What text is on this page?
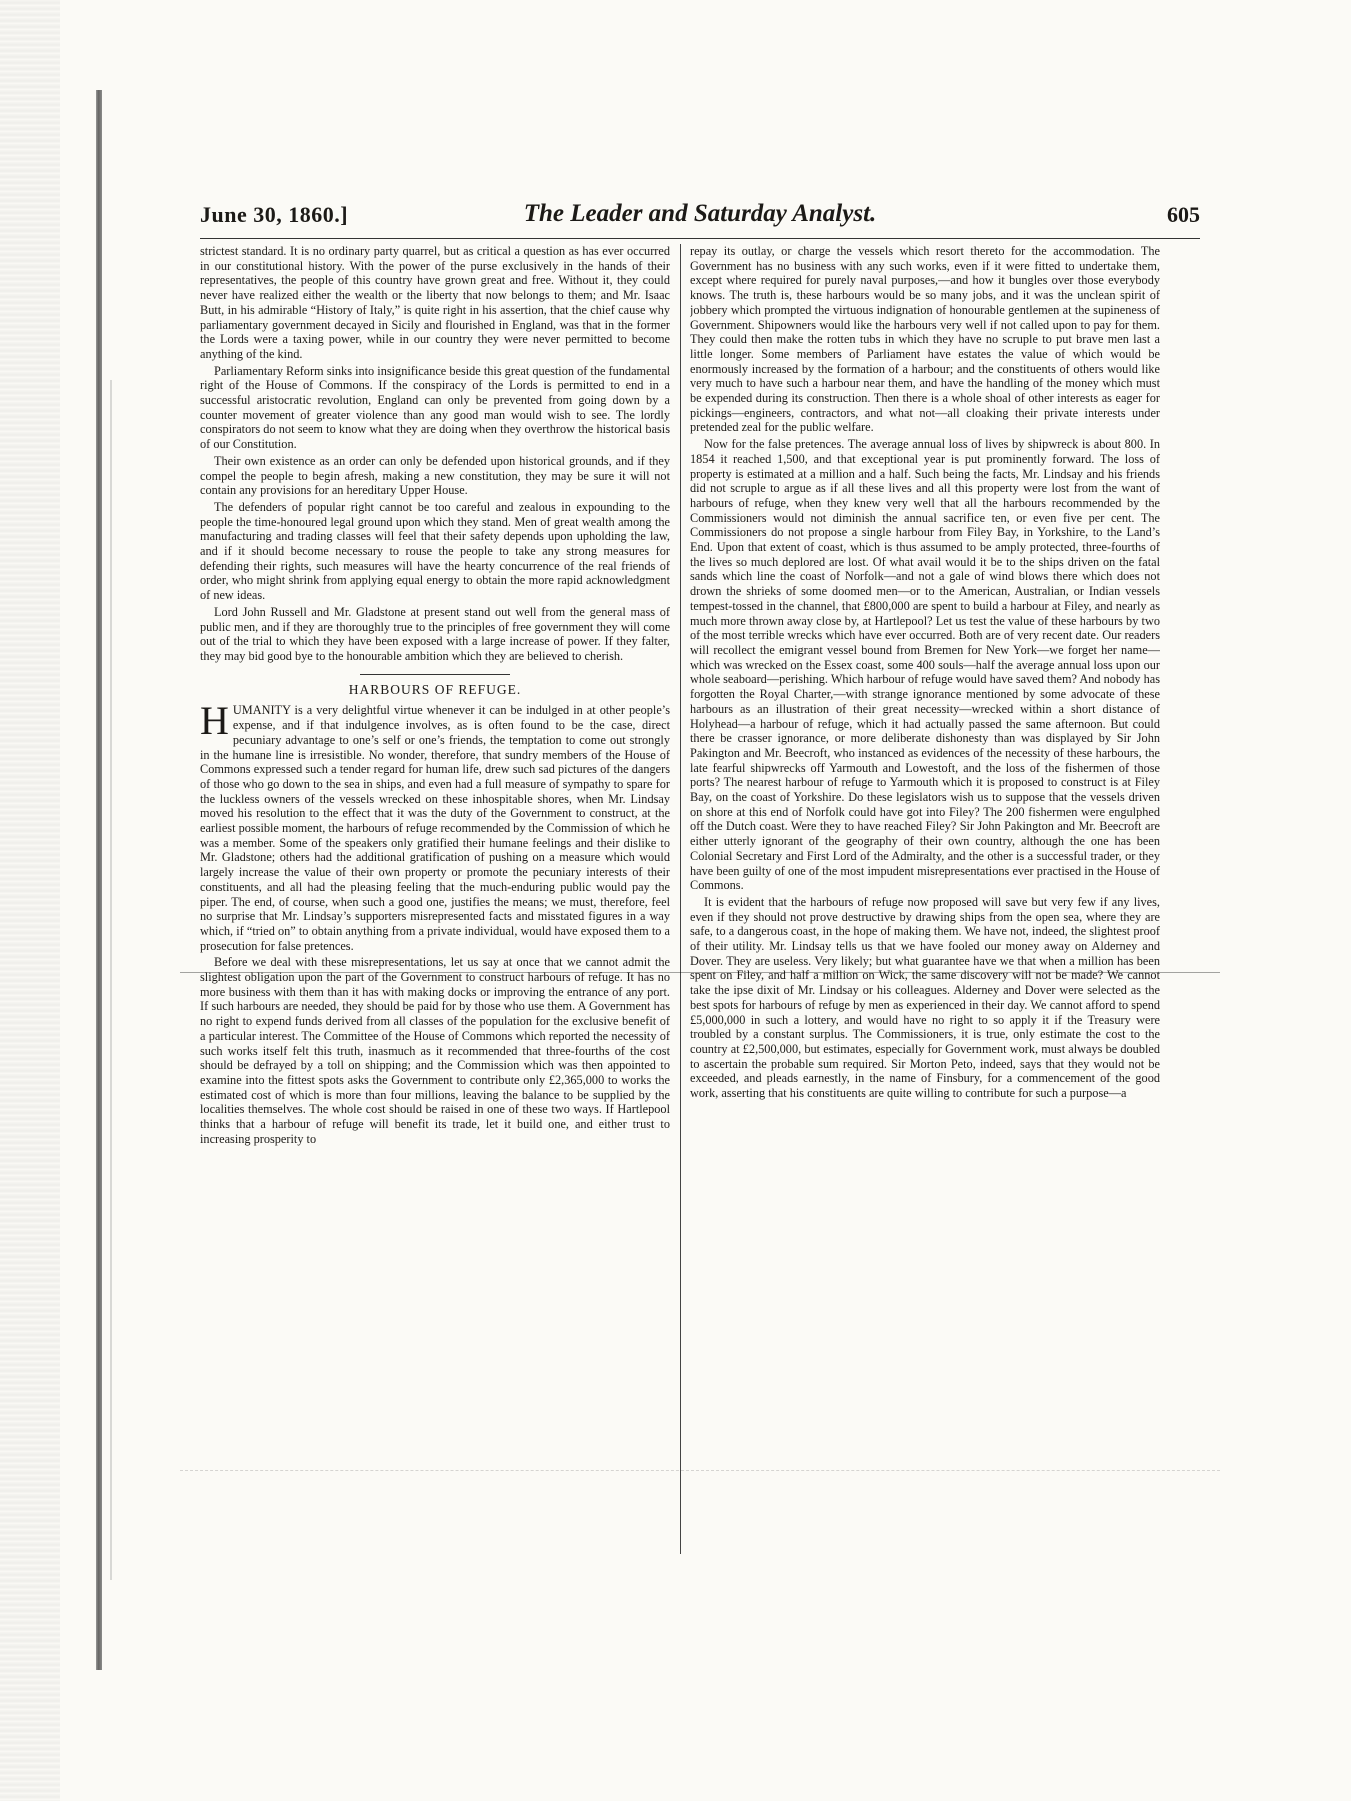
June 30, 1860.]	The Leader and Saturday Analyst.	605

strictest standard. It is no ordinary party quarrel, but as critical a question as has ever occurred in our constitutional history. With the power of the purse exclusively in the hands of their representatives, the people of this country have grown great and free. Without it, they could never have realized either the wealth or the liberty that now belongs to them; and Mr. Isaac Butt, in his admirable “History of Italy,” is quite right in his assertion, that the chief cause why parliamentary government decayed in Sicily and flourished in England, was that in the former the Lords were a taxing power, while in our country they were never permitted to become anything of the kind.

Parliamentary Reform sinks into insignificance beside this great question of the fundamental right of the House of Commons. If the conspiracy of the Lords is permitted to end in a successful aristocratic revolution, England can only be prevented from going down by a counter movement of greater violence than any good man would wish to see. The lordly conspirators do not seem to know what they are doing when they overthrow the historical basis of our Constitution.

Their own existence as an order can only be defended upon historical grounds, and if they compel the people to begin afresh, making a new constitution, they may be sure it will not contain any provisions for an hereditary Upper House.

The defenders of popular right cannot be too careful and zealous in expounding to the people the time-honoured legal ground upon which they stand. Men of great wealth among the manufacturing and trading classes will feel that their safety depends upon upholding the law, and if it should become necessary to rouse the people to take any strong measures for defending their rights, such measures will have the hearty concurrence of the real friends of order, who might shrink from applying equal energy to obtain the more rapid acknowledgment of new ideas.

Lord John Russell and Mr. Gladstone at present stand out well from the general mass of public men, and if they are thoroughly true to the principles of free government they will come out of the trial to which they have been exposed with a large increase of power. If they falter, they may bid good bye to the honourable ambition which they are believed to cherish.

HARBOURS OF REFUGE.

HUMANITY is a very delightful virtue whenever it can be indulged in at other people’s expense, and if that indulgence involves, as is often found to be the case, direct pecuniary advantage to one’s self or one’s friends, the temptation to come out strongly in the humane line is irresistible. No wonder, therefore, that sundry members of the House of Commons expressed such a tender regard for human life, drew such sad pictures of the dangers of those who go down to the sea in ships, and even had a full measure of sympathy to spare for the luckless owners of the vessels wrecked on these inhospitable shores, when Mr. Lindsay moved his resolution to the effect that it was the duty of the Government to construct, at the earliest possible moment, the harbours of refuge recommended by the Commission of which he was a member. Some of the speakers only gratified their humane feelings and their dislike to Mr. Gladstone; others had the additional gratification of pushing on a measure which would largely increase the value of their own property or promote the pecuniary interests of their constituents, and all had the pleasing feeling that the much-enduring public would pay the piper. The end, of course, when such a good one, justifies the means; we must, therefore, feel no surprise that Mr. Lindsay’s supporters misrepresented facts and misstated figures in a way which, if “tried on” to obtain anything from a private individual, would have exposed them to a prosecution for false pretences.

Before we deal with these misrepresentations, let us say at once that we cannot admit the slightest obligation upon the part of the Government to construct harbours of refuge. It has no more business with them than it has with making docks or improving the entrance of any port. If such harbours are needed, they should be paid for by those who use them. A Government has no right to expend funds derived from all classes of the population for the exclusive benefit of a particular interest. The Committee of the House of Commons which reported the necessity of such works itself felt this truth, inasmuch as it recommended that three-fourths of the cost should be defrayed by a toll on shipping; and the Commission which was then appointed to examine into the fittest spots asks the Government to contribute only £2,365,000 to works the estimated cost of which is more than four millions, leaving the balance to be supplied by the localities themselves. The whole cost should be raised in one of these two ways. If Hartlepool thinks that a harbour of refuge will benefit its trade, let it build one, and either trust to increasing prosperity to

repay its outlay, or charge the vessels which resort thereto for the accommodation. The Government has no business with any such works, even if it were fitted to undertake them, except where required for purely naval purposes,—and how it bungles over those everybody knows. The truth is, these harbours would be so many jobs, and it was the unclean spirit of jobbery which prompted the virtuous indignation of honourable gentlemen at the supineness of Government. Shipowners would like the harbours very well if not called upon to pay for them. They could then make the rotten tubs in which they have no scruple to put brave men last a little longer. Some members of Parliament have estates the value of which would be enormously increased by the formation of a harbour; and the constituents of others would like very much to have such a harbour near them, and have the handling of the money which must be expended during its construction. Then there is a whole shoal of other interests as eager for pickings—engineers, contractors, and what not—all cloaking their private interests under pretended zeal for the public welfare.

Now for the false pretences. The average annual loss of lives by shipwreck is about 800. In 1854 it reached 1,500, and that exceptional year is put prominently forward. The loss of property is estimated at a million and a half. Such being the facts, Mr. Lindsay and his friends did not scruple to argue as if all these lives and all this property were lost from the want of harbours of refuge, when they knew very well that all the harbours recommended by the Commissioners would not diminish the annual sacrifice ten, or even five per cent. The Commissioners do not propose a single harbour from Filey Bay, in Yorkshire, to the Land’s End. Upon that extent of coast, which is thus assumed to be amply protected, three-fourths of the lives so much deplored are lost. Of what avail would it be to the ships driven on the fatal sands which line the coast of Norfolk—and not a gale of wind blows there which does not drown the shrieks of some doomed men—or to the American, Australian, or Indian vessels tempest-tossed in the channel, that £800,000 are spent to build a harbour at Filey, and nearly as much more thrown away close by, at Hartlepool? Let us test the value of these harbours by two of the most terrible wrecks which have ever occurred. Both are of very recent date. Our readers will recollect the emigrant vessel bound from Bremen for New York—we forget her name—which was wrecked on the Essex coast, some 400 souls—half the average annual loss upon our whole seaboard—perishing. Which harbour of refuge would have saved them? And nobody has forgotten the Royal Charter,—with strange ignorance mentioned by some advocate of these harbours as an illustration of their great necessity—wrecked within a short distance of Holyhead—a harbour of refuge, which it had actually passed the same afternoon. But could there be crasser ignorance, or more deliberate dishonesty than was displayed by Sir John Pakington and Mr. Beecroft, who instanced as evidences of the necessity of these harbours, the late fearful shipwrecks off Yarmouth and Lowestoft, and the loss of the fishermen of those ports? The nearest harbour of refuge to Yarmouth which it is proposed to construct is at Filey Bay, on the coast of Yorkshire. Do these legislators wish us to suppose that the vessels driven on shore at this end of Norfolk could have got into Filey? The 200 fishermen were engulphed off the Dutch coast. Were they to have reached Filey? Sir John Pakington and Mr. Beecroft are either utterly ignorant of the geography of their own country, although the one has been Colonial Secretary and First Lord of the Admiralty, and the other is a successful trader, or they have been guilty of one of the most impudent misrepresentations ever practised in the House of Commons.

It is evident that the harbours of refuge now proposed will save but very few if any lives, even if they should not prove destructive by drawing ships from the open sea, where they are safe, to a dangerous coast, in the hope of making them. We have not, indeed, the slightest proof of their utility. Mr. Lindsay tells us that we have fooled our money away on Alderney and Dover. They are useless. Very likely; but what guarantee have we that when a million has been spent on Filey, and half a million on Wick, the same discovery will not be made? We cannot take the ipse dixit of Mr. Lindsay or his colleagues. Alderney and Dover were selected as the best spots for harbours of refuge by men as experienced in their day. We cannot afford to spend £5,000,000 in such a lottery, and would have no right to so apply it if the Treasury were troubled by a constant surplus. The Commissioners, it is true, only estimate the cost to the country at £2,500,000, but estimates, especially for Government work, must always be doubled to ascertain the probable sum required. Sir Morton Peto, indeed, says that they would not be exceeded, and pleads earnestly, in the name of Finsbury, for a commencement of the good work, asserting that his constituents are quite willing to contribute for such a purpose—a
